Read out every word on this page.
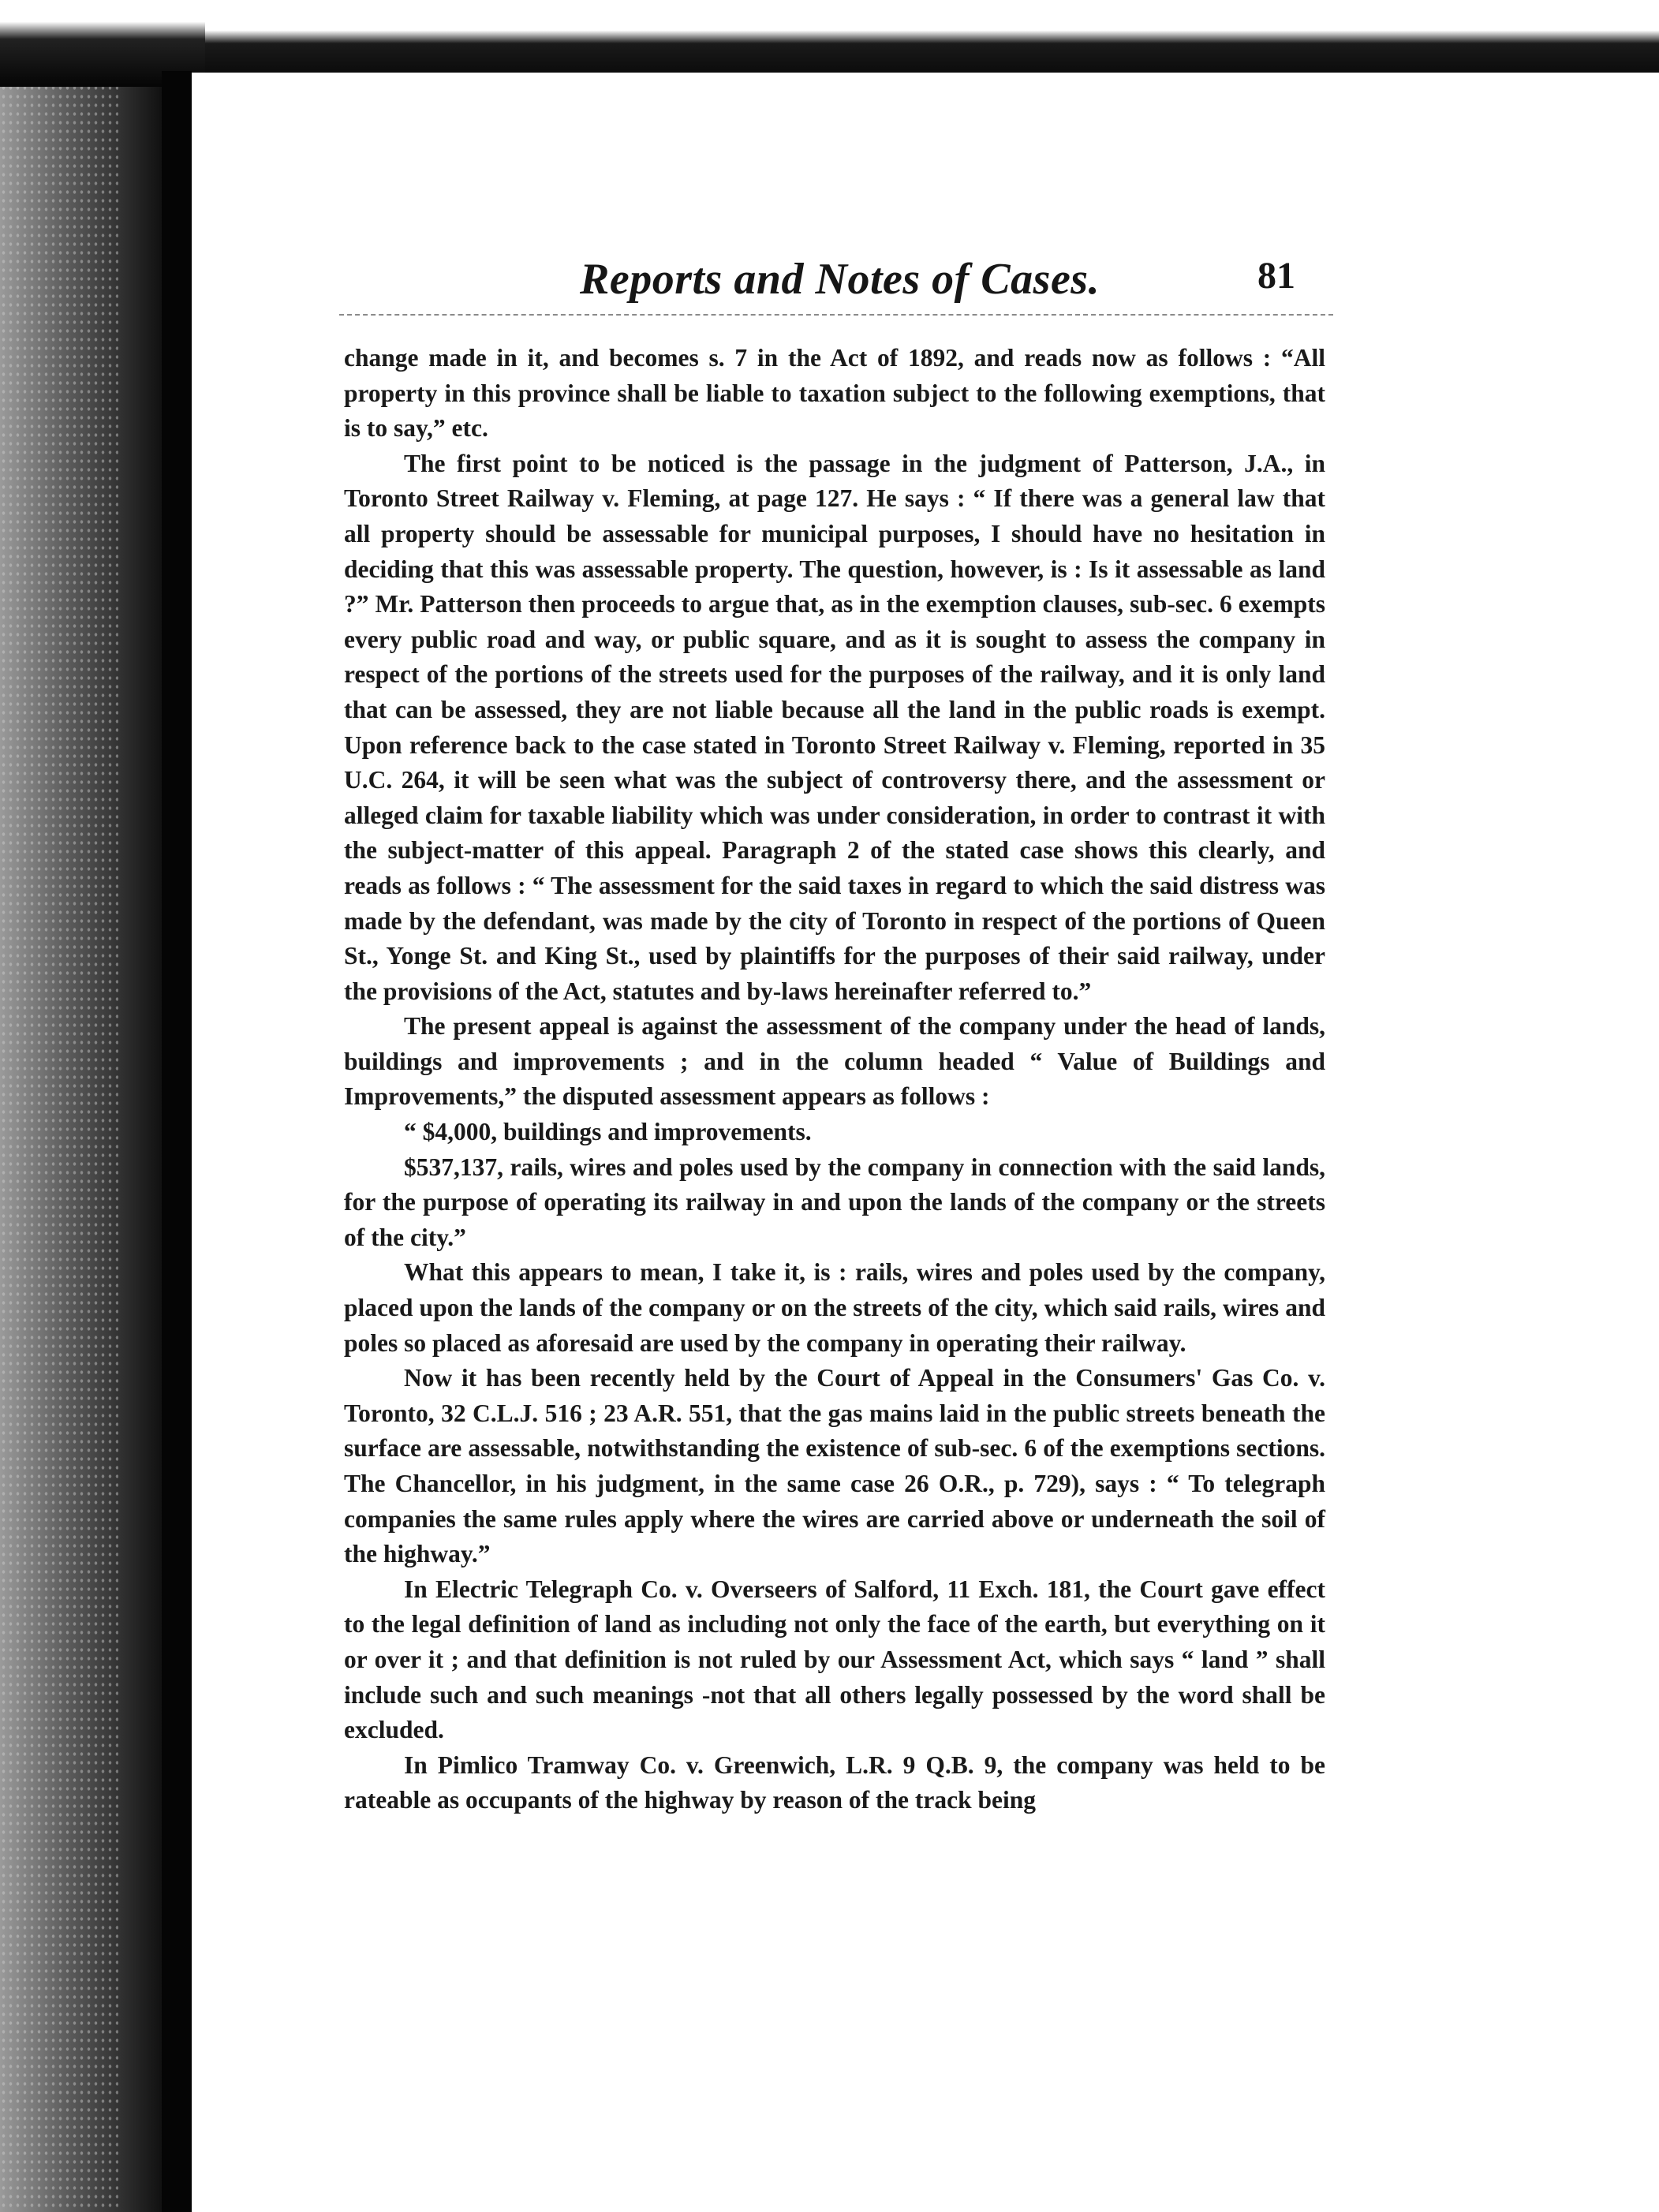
Reports and Notes of Cases.	81

change made in it, and becomes s. 7 in the Act of 1892, and reads now as follows : “All property in this province shall be liable to taxation subject to the following exemptions, that is to say,” etc.

The first point to be noticed is the passage in the judgment of Patterson, J.A., in Toronto Street Railway v. Fleming, at page 127. He says : “ If there was a general law that all property should be assessable for municipal purposes, I should have no hesitation in deciding that this was assessable property. The question, however, is : Is it assessable as land ?” Mr. Patterson then proceeds to argue that, as in the exemption clauses, sub-sec. 6 exempts every public road and way, or public square, and as it is sought to assess the company in respect of the portions of the streets used for the purposes of the railway, and it is only land that can be assessed, they are not liable because all the land in the public roads is exempt. Upon reference back to the case stated in Toronto Street Railway v. Fleming, reported in 35 U.C. 264, it will be seen what was the subject of controversy there, and the assessment or alleged claim for taxable liability which was under consideration, in order to contrast it with the subject-matter of this appeal. Paragraph 2 of the stated case shows this clearly, and reads as follows : “ The assessment for the said taxes in regard to which the said distress was made by the defendant, was made by the city of Toronto in respect of the portions of Queen St., Yonge St. and King St., used by plaintiffs for the purposes of their said railway, under the provisions of the Act, statutes and by-laws hereinafter referred to.”

The present appeal is against the assessment of the company under the head of lands, buildings and improvements ; and in the column headed “ Value of Buildings and Improvements,” the disputed assessment appears as follows :

“ $4,000, buildings and improvements.

$537,137, rails, wires and poles used by the company in connection with the said lands, for the purpose of operating its railway in and upon the lands of the company or the streets of the city.”

What this appears to mean, I take it, is : rails, wires and poles used by the company, placed upon the lands of the company or on the streets of the city, which said rails, wires and poles so placed as aforesaid are used by the company in operating their railway.

Now it has been recently held by the Court of Appeal in the Consumers' Gas Co. v. Toronto, 32 C.L.J. 516 ; 23 A.R. 551, that the gas mains laid in the public streets beneath the surface are assessable, notwithstanding the existence of sub-sec. 6 of the exemptions sections. The Chancellor, in his judgment, in the same case 26 O.R., p. 729), says : “ To telegraph companies the same rules apply where the wires are carried above or underneath the soil of the highway.”

In Electric Telegraph Co. v. Overseers of Salford, 11 Exch. 181, the Court gave effect to the legal definition of land as including not only the face of the earth, but everything on it or over it ; and that definition is not ruled by our Assessment Act, which says “ land ” shall include such and such meanings -not that all others legally possessed by the word shall be excluded.

In Pimlico Tramway Co. v. Greenwich, L.R. 9 Q.B. 9, the company was held to be rateable as occupants of the highway by reason of the track being
